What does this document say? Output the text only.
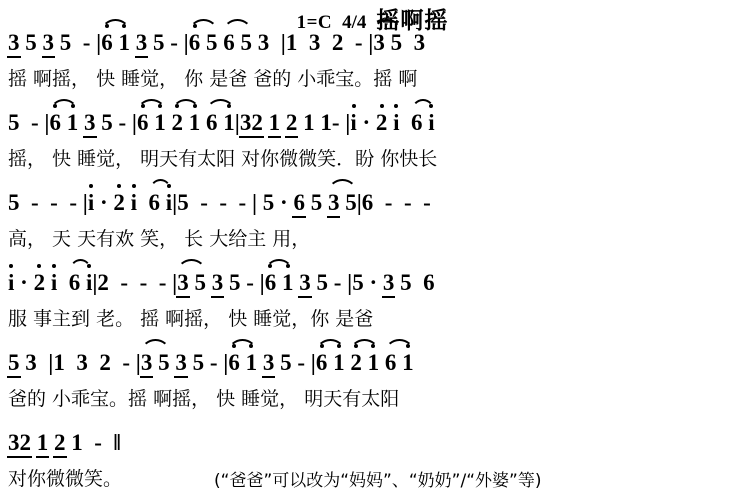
1=C 4/4 摇啊摇
3 5 3 5  - |6 1 3 5 - |6 5 6 5 3 |1  3  2  - |3 5 3
摇 啊摇， 快 睡觉， 你 是爸 爸的 小乖宝。摇 啊
5  - |6 1 3 5 - |6 1 2 1 6 1|32 1 2 1 1- |i · 2 i 6 i
摇， 快 睡觉， 明天有太阳 对你微微笑．盼 你快长
5  -  -  - |i · 2 i 6 i|5  -  -  - | 5 · 6 5 3 5|6  -  -  -
高， 天 天有欢 笑， 长 大给主 用，
i · 2 i 6 i|2  -  -  - |3 5 3 5 - |6 1 3 5 - |5 · 3 5 6
服 事主到 老。 摇 啊摇， 快 睡觉，你 是爸
5 3 |1  3  2  - |3 5 3 5 - |6 1 3 5 - |6 1 2 1 6 1
爸的 小乖宝。摇 啊摇， 快 睡觉， 明天有太阳
32 1 2 1  -  ‖
对你微微笑。	(“爸爸”可以改为“妈妈”、“奶奶”/“外婆”等)
